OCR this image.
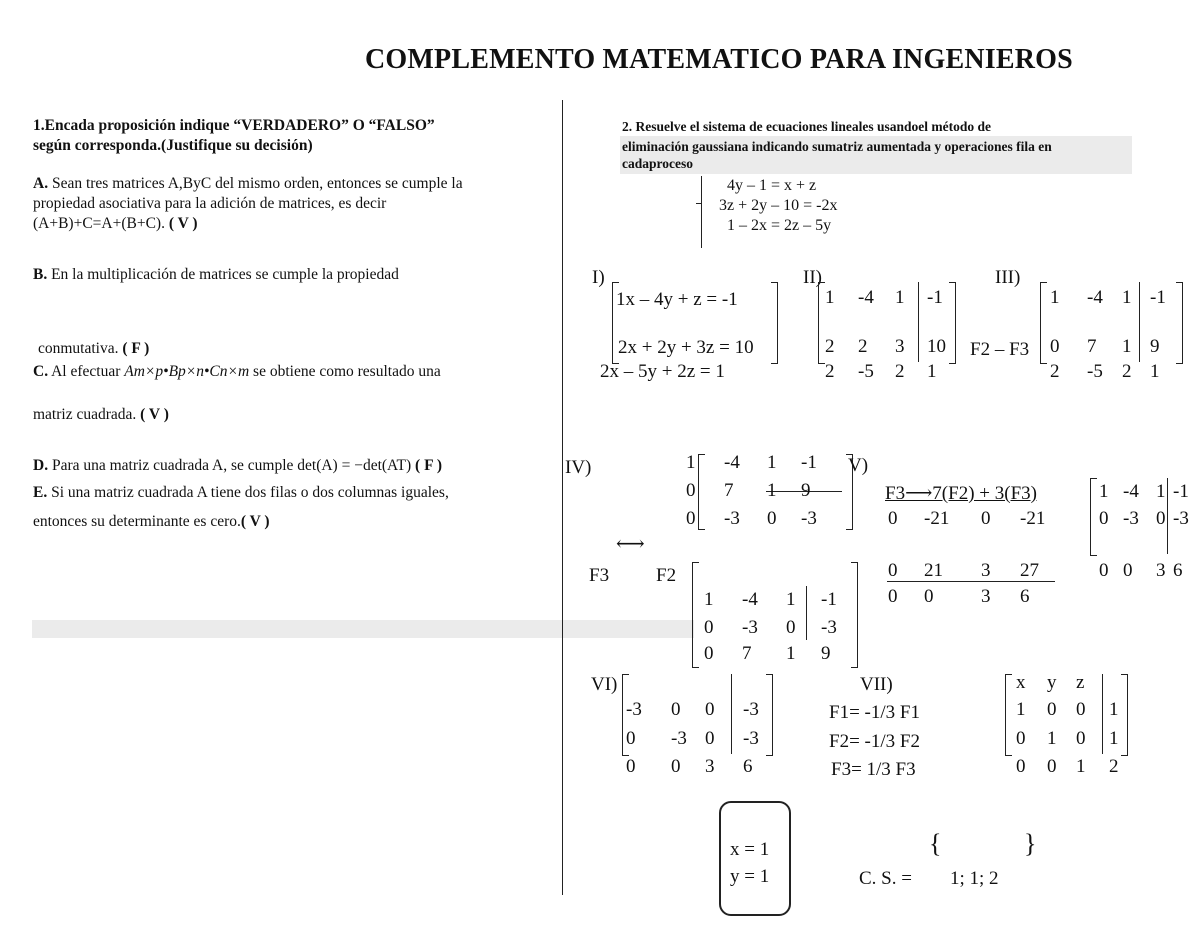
COMPLEMENTO MATEMATICO PARA INGENIEROS
1.Encada proposición indique “VERDADERO” O “FALSO”
según corresponda.(Justifique su decisión)
A. Sean tres matrices A,ByC del mismo orden, entonces se cumple la
propiedad asociativa para la adición de matrices, es decir
(A+B)+C=A+(B+C). ( V )
B. En la multiplicación de matrices se cumple la propiedad
conmutativa. ( F )
C. Al efectuar Am×p•Bp×n•Cn×m se obtiene como resultado una
matriz cuadrada. ( V )
D. Para una matriz cuadrada A, se cumple det(A) = −det(AT) ( F )
E. Si una matriz cuadrada A tiene dos filas o dos columnas iguales,
entonces su determinante es cero.( V )
2. Resuelve el sistema de ecuaciones lineales usandoel método de
eliminación gaussiana indicando sumatriz aumentada y operaciones fila en
cadaproceso
4y – 1 = x + z
3z + 2y – 10 = -2x
1 – 2x = 2z – 5y
I)
1x – 4y + z = -1
2x + 2y + 3z = 10
2x – 5y + 2z = 1
II)	III)
F2 – F3
IV)	V)
F3⟶7(F2) + 3(F3)
⟷
F3 F2
VI)	VII)
F1= -1/3 F1
F2= -1/3 F2
F3= 1/3 F3
x = 1
y = 1	C. S. =
{	}
1; 1; 2
1 -4 1 -1
2 2 3 10
2 -5 2 1
1 -4 1 -1
0 7 1 9
2 -5 2 1
1 -4 1 -1
0 7 1 9
0 -3 0 -3	0 -21 0 -21
0 21 3 27
0 0	3 6
1 -4 1 -1
0 -3 0 -3
0 0 3 6
1 -4 1 -1
0 -3 0 -3
0 7 1 9
-3 0 0 -3
0 -3 0 -3
0 0 3 6
x y z
1 0 0 1
0 1 0 1
0 0 1 2
